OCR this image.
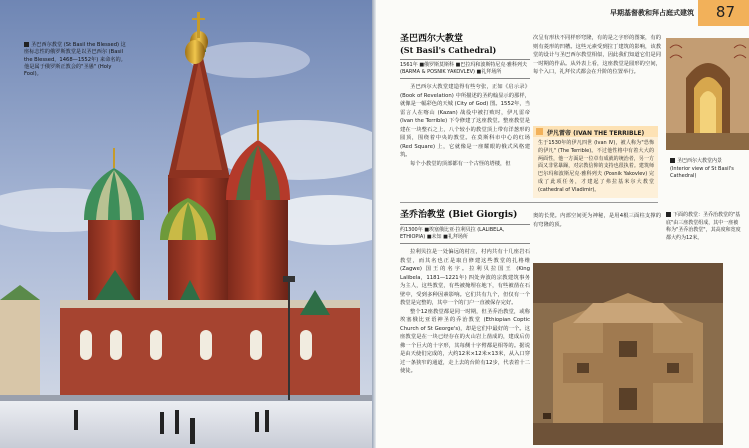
圣巴西尔教堂 (St Basil the Blessed) 这座标志性的俄罗斯教堂是以圣巴西尔 (Basil the Blessed，1468—1552年) 来命名的。他是属于俄罗斯正教会的"圣愚" (Holy Fool)。
早期基督教和拜占庭式建筑 87
圣巴西尔大教堂
(St Basil's Cathedral)
1561年 ■俄罗斯莫斯科 ■巴拉玛和波斯特尼克·雅科列夫 (BARMA & POSNIK YAKOVLEV) ■礼拜场所

圣巴西尔大教堂建造得有些夸张，正如《启示录》(Book of Revelation) 中所描述的圣约翰显示的那样，就像是一幅彩色的天城 (City of God) 图。1552年，当雷言人在喀山 (Kazan) 战役中被打败时，伊凡雷帝 (Ivan the Terrible) 下令修建了这座教堂。整座教堂是建在一块整石之上，八个较小的教堂顶上带有洋葱形的圆顶，围绕着中央的教堂。在莫斯科市中心的红场 (Red Square) 上，它就像是一座耀眼的俄式风格建筑。

每个小教堂的顶部都有一个古怪的塔楼，但

次呈有形状不同样形穹隆，有的是之字形的图案，有的则有菱形的凹槽。这些元素受到拉丁建筑的影响，该教堂的设计与圣巴西尔教堂相似，因此我们知道它们是同一时期的作品。从外表上看，这座教堂是圆形的空间，每个入口，礼拜仪式都会在升阶的位置举行。
伊凡雷帝 (IVAN THE TERRIBLE)
生于1530年的伊凡四世 (Ivan IV)，被人称为"恐怖的伊凡" (The Terrible)。不过他性格中有着大大的两面性，他一方面是一位卓有成就的统治者，另一方面又非常暴躁，对宗教信仰的支持也很执着。建筑师巴尔玛和波斯尼克·雅科列夫 (Posnik Yakovlev) 完成了此项任务，才建起了弗拉基米尔大教堂 (cathedral of Vladimir)。
圣乔治教堂 (Biet Giorgis)
约1300年 ■埃塞俄比亚·拉利贝拉 (LALIBELA, ETHIOPIA) ■未知 ■礼拜场所

拉利贝拉是一处偏远的村庄，村内共有十几座岩石教堂，而其名也正是取自修建这些教堂的扎格维 (Zagwe) 国王的名字。拉利贝拉国王 (King Lalibela，1181—1221年) 四处奔波的宗教建筑事务为主人，这些教堂，有些被掩埋在地下，有些被凿在石壁中，受到多种因素影响。它们共有九个，但仅有一个教堂是完整的，其中一个的门户一直被保存完好。

整个12座教堂都是同一时期，但圣乔治教堂，或称埃塞俄比亚语神圣的乔治教堂 (Ethiopian Coptic Church of St George's)，却是它们中最好的一个。这座教堂是在一块已经存在的火山岩上凿成的，建成后仿佛一个巨大的十字形，其每侧十字臂都是相等的。据说是由天使们完成的，大约12米×12米×13米，从入口穿过一条狭窄的通道，走上去的台阶有12步，代表着十二使徒。

奥的长凳。内部空间更为神秘，是用4根三面柱支撑的有穹隆的顶。
圣巴西尔大教堂内景 (Interior view of St Basil's Cathedral)
下面的教堂：圣乔治教堂的"基底"由三座教堂组成，其中一座被称为"圣乔治教堂"，其高度和宽度都大约为12米。
